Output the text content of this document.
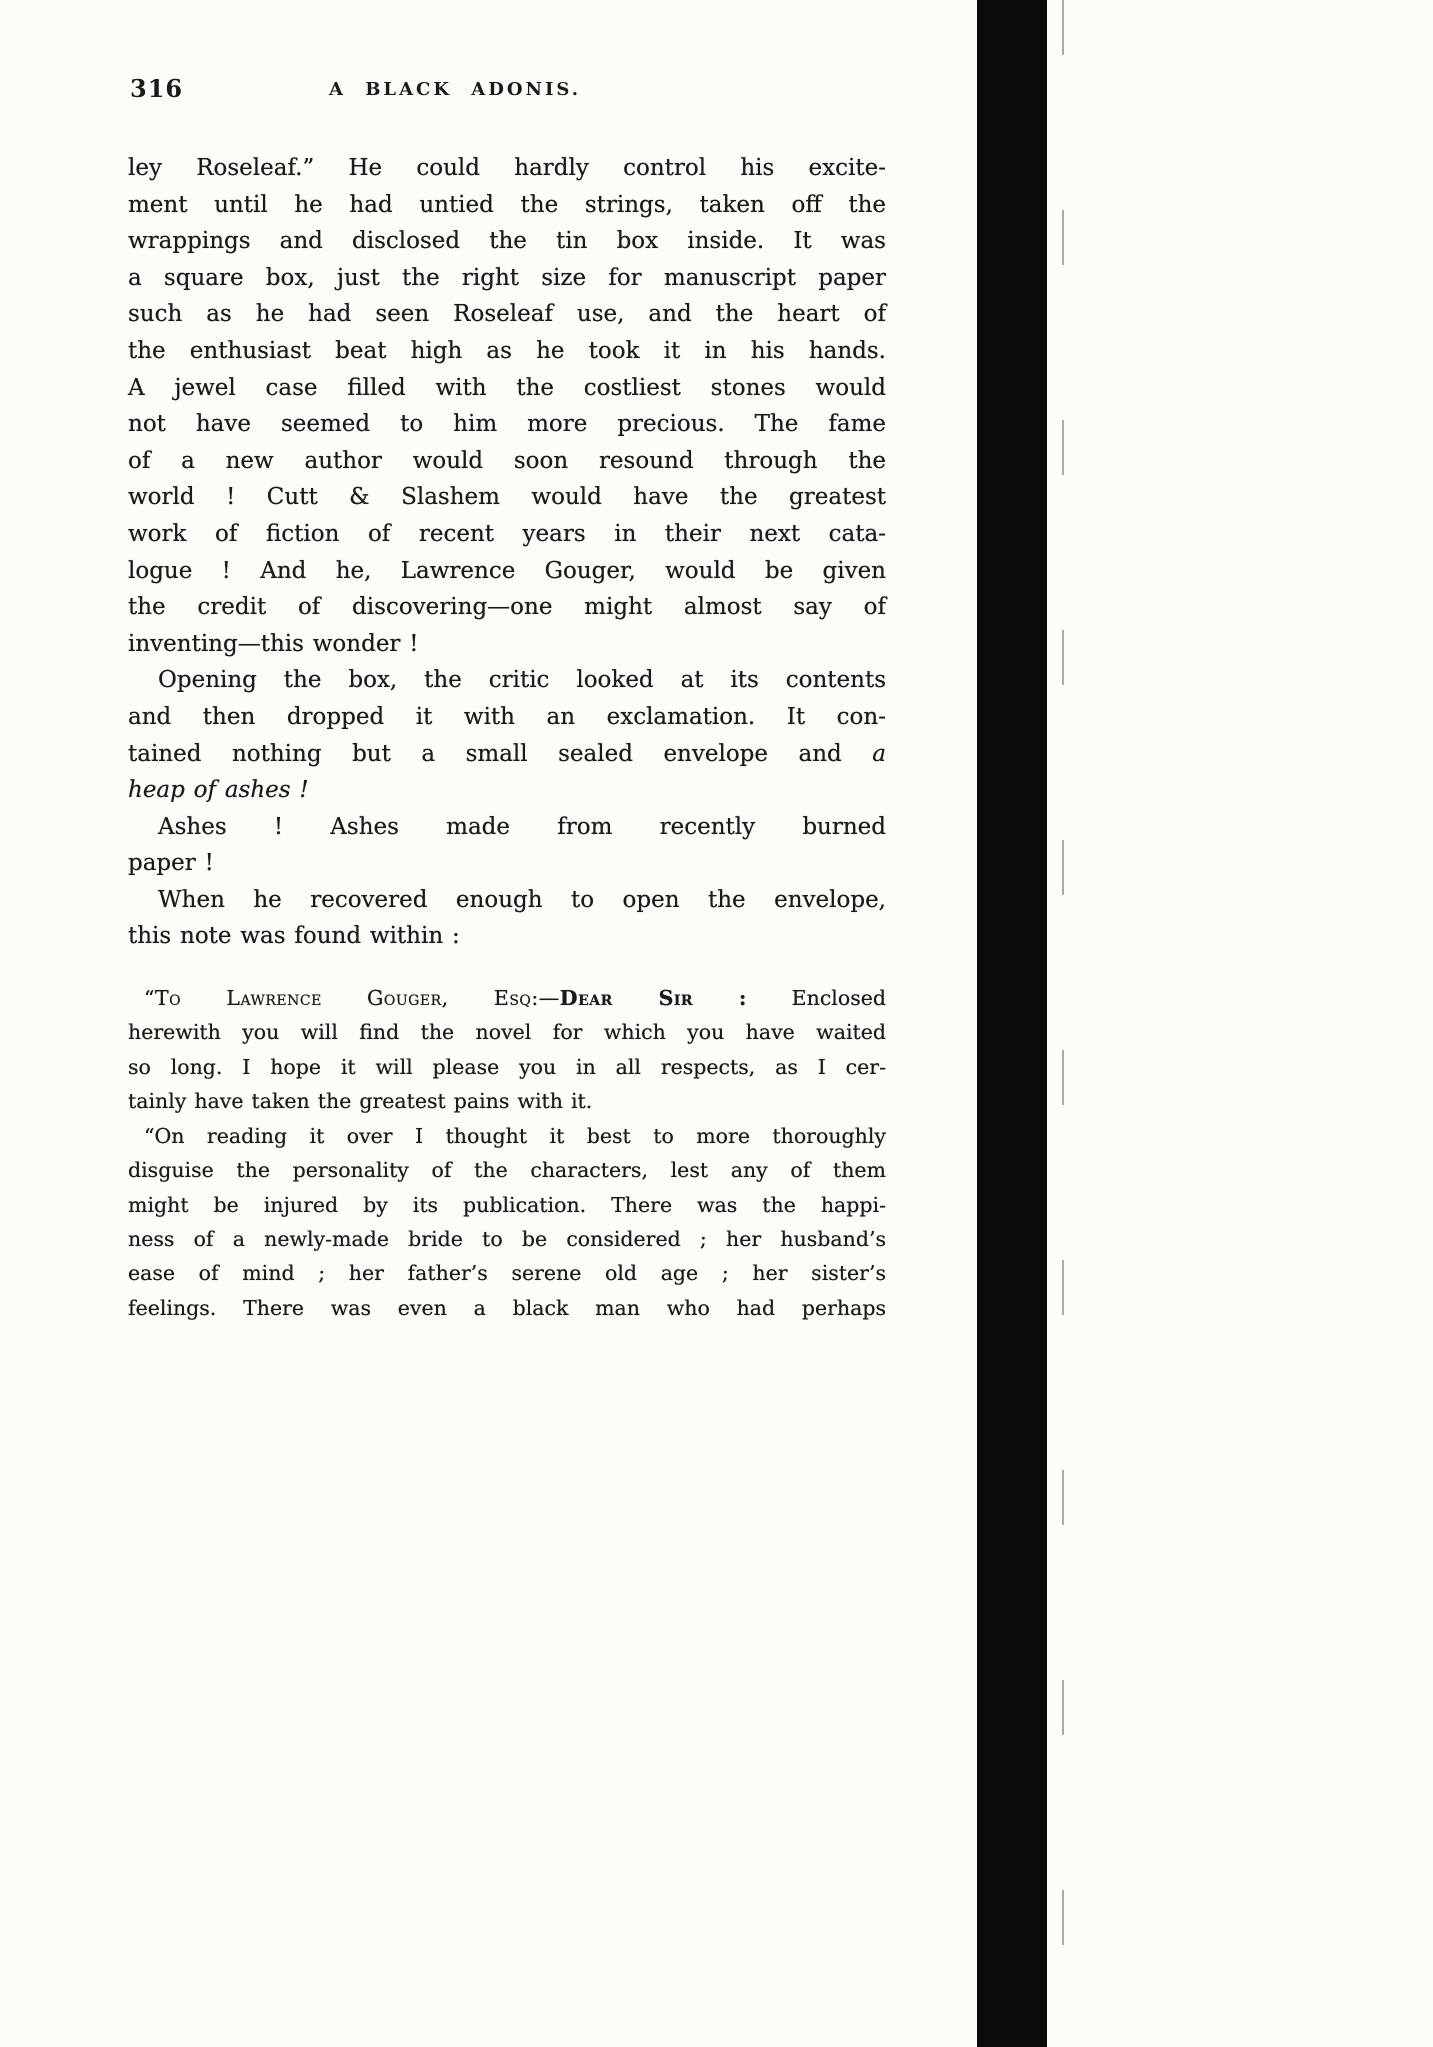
316	A BLACK ADONIS.
ley Roseleaf.” He could hardly control his excite-
ment until he had untied the strings, taken off the
wrappings and disclosed the tin box inside. It was
a square box, just the right size for manuscript paper
such as he had seen Roseleaf use, and the heart of
the enthusiast beat high as he took it in his hands.
A jewel case filled with the costliest stones would
not have seemed to him more precious. The fame
of a new author would soon resound through the
world ! Cutt & Slashem would have the greatest
work of fiction of recent years in their next cata-
logue ! And he, Lawrence Gouger, would be given
the credit of discovering—one might almost say of
inventing—this wonder !
Opening the box, the critic looked at its contents
and then dropped it with an exclamation. It con-
tained nothing but a small sealed envelope and a
heap of ashes !
Ashes ! Ashes made from recently burned
paper !
When he recovered enough to open the envelope,
this note was found within :
“To Lawrence Gouger, Esq:—Dear Sir : Enclosed
herewith you will find the novel for which you have waited
so long. I hope it will please you in all respects, as I cer-
tainly have taken the greatest pains with it.
“On reading it over I thought it best to more thoroughly
disguise the personality of the characters, lest any of them
might be injured by its publication. There was the happi-
ness of a newly-made bride to be considered ; her husband’s
ease of mind ; her father’s serene old age ; her sister’s
feelings. There was even a black man who had perhaps
